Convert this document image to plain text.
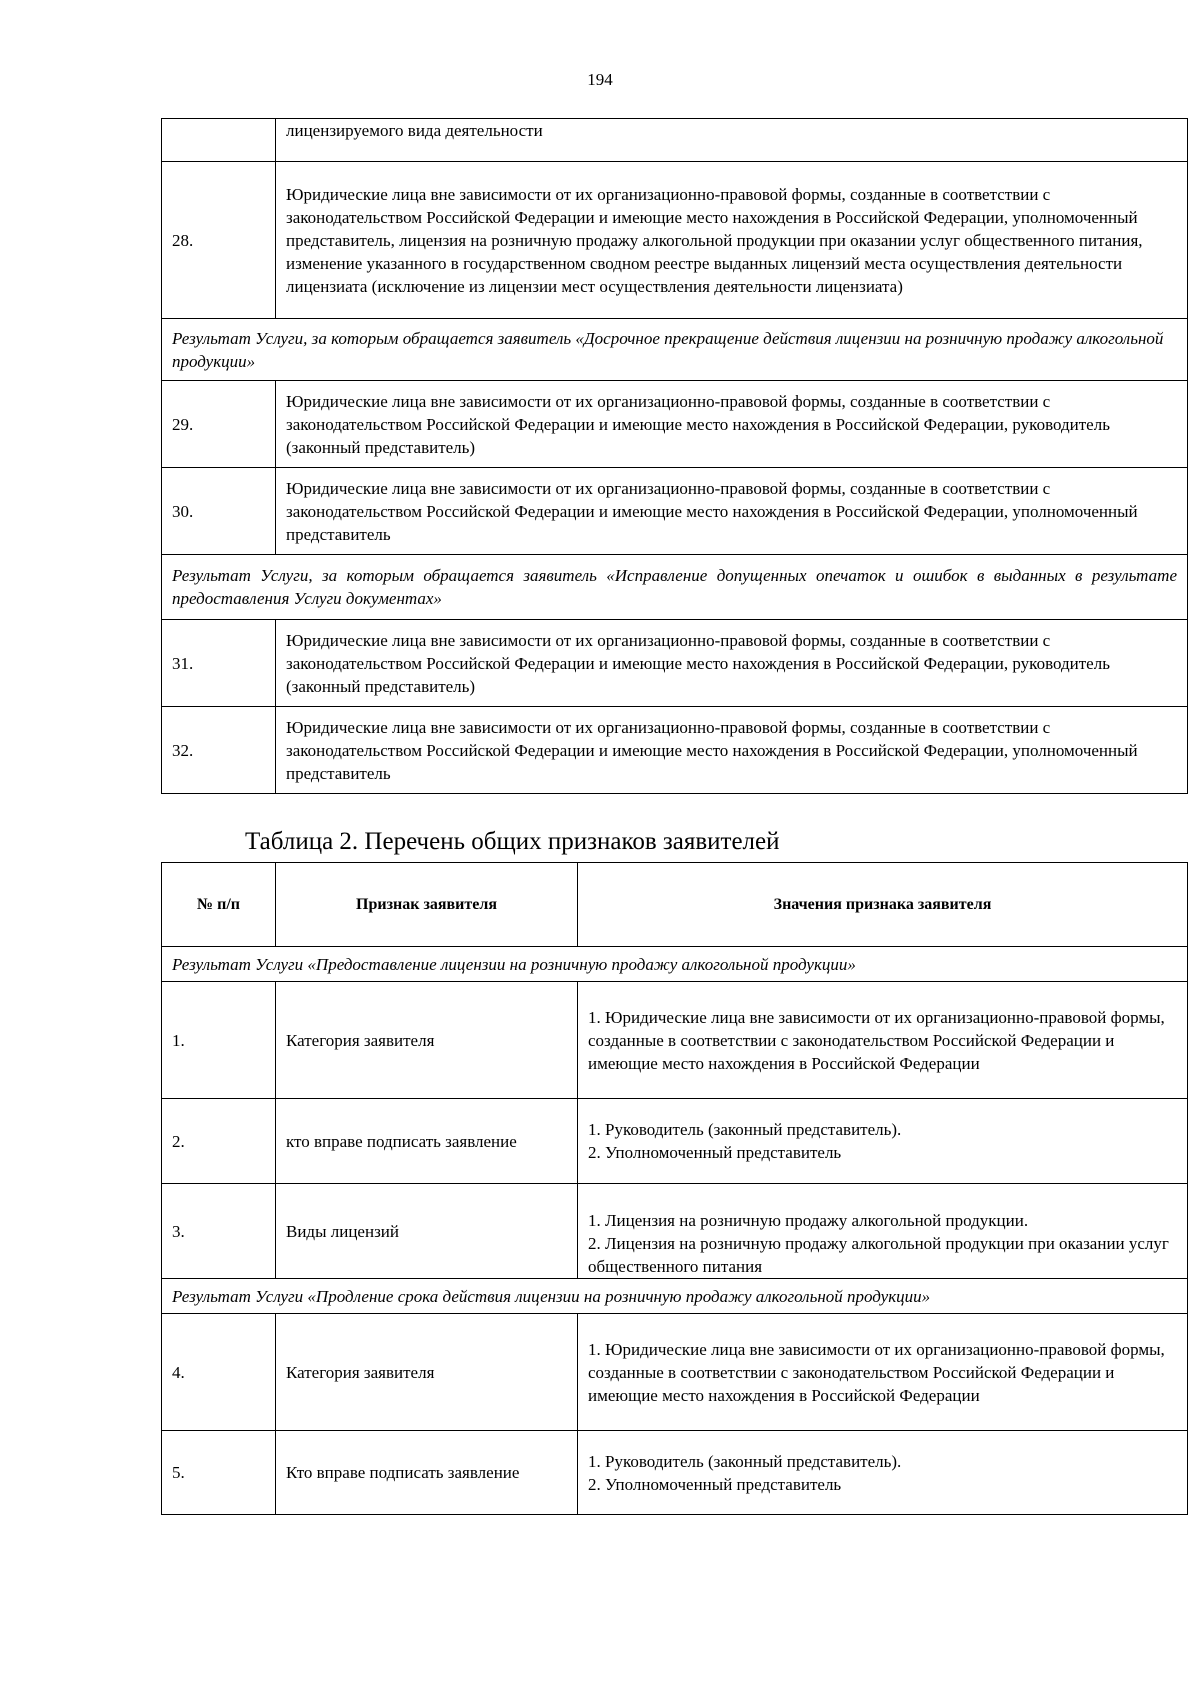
194
	лицензируемого вида деятельности
28.	Юридические лица вне зависимости от их организационно-правовой формы, созданные в соответствии с законодательством Российской Федерации и имеющие место нахождения в Российской Федерации, уполномоченный представитель, лицензия на розничную продажу алкогольной продукции при оказании услуг общественного питания, изменение указанного в государственном сводном реестре выданных лицензий места осуществления деятельности лицензиата (исключение из лицензии мест осуществления деятельности лицензиата)
Результат Услуги, за которым обращается заявитель «Досрочное прекращение действия лицензии на розничную продажу алкогольной продукции»	
29.	Юридические лица вне зависимости от их организационно-правовой формы, созданные в соответствии с законодательством Российской Федерации и имеющие место нахождения в Российской Федерации, руководитель (законный представитель)
30.	Юридические лица вне зависимости от их организационно-правовой формы, созданные в соответствии с законодательством Российской Федерации и имеющие место нахождения в Российской Федерации, уполномоченный представитель
Результат Услуги, за которым обращается заявитель «Исправление допущенных опечаток и ошибок в выданных в результате предоставления Услуги документах»	
31.	Юридические лица вне зависимости от их организационно-правовой формы, созданные в соответствии с законодательством Российской Федерации и имеющие место нахождения в Российской Федерации, руководитель (законный представитель)
32.	Юридические лица вне зависимости от их организационно-правовой формы, созданные в соответствии с законодательством Российской Федерации и имеющие место нахождения в Российской Федерации, уполномоченный представитель
Таблица 2. Перечень общих признаков заявителей
№ п/п	Признак заявителя	Значения признака заявителя
Результат Услуги «Предоставление лицензии на розничную продажу алкогольной продукции»		
1.	Категория заявителя	1. Юридические лица вне зависимости от их организационно-правовой формы, созданные в соответствии с законодательством Российской Федерации и имеющие место нахождения в Российской Федерации

2.	кто вправе подписать заявление	1. Руководитель (законный представитель).
2. Уполномоченный представитель

3.	Виды лицензий	1. Лицензия на розничную продажу алкогольной продукции.
2. Лицензия на розничную продажу алкогольной продукции при оказании услуг общественного питания

Результат Услуги «Продление срока действия лицензии на розничную продажу алкогольной продукции»		
4.	Категория заявителя	1. Юридические лица вне зависимости от их организационно-правовой формы, созданные в соответствии с законодательством Российской Федерации и имеющие место нахождения в Российской Федерации

5.	Кто вправе подписать заявление	1. Руководитель (законный представитель).
2. Уполномоченный представитель
